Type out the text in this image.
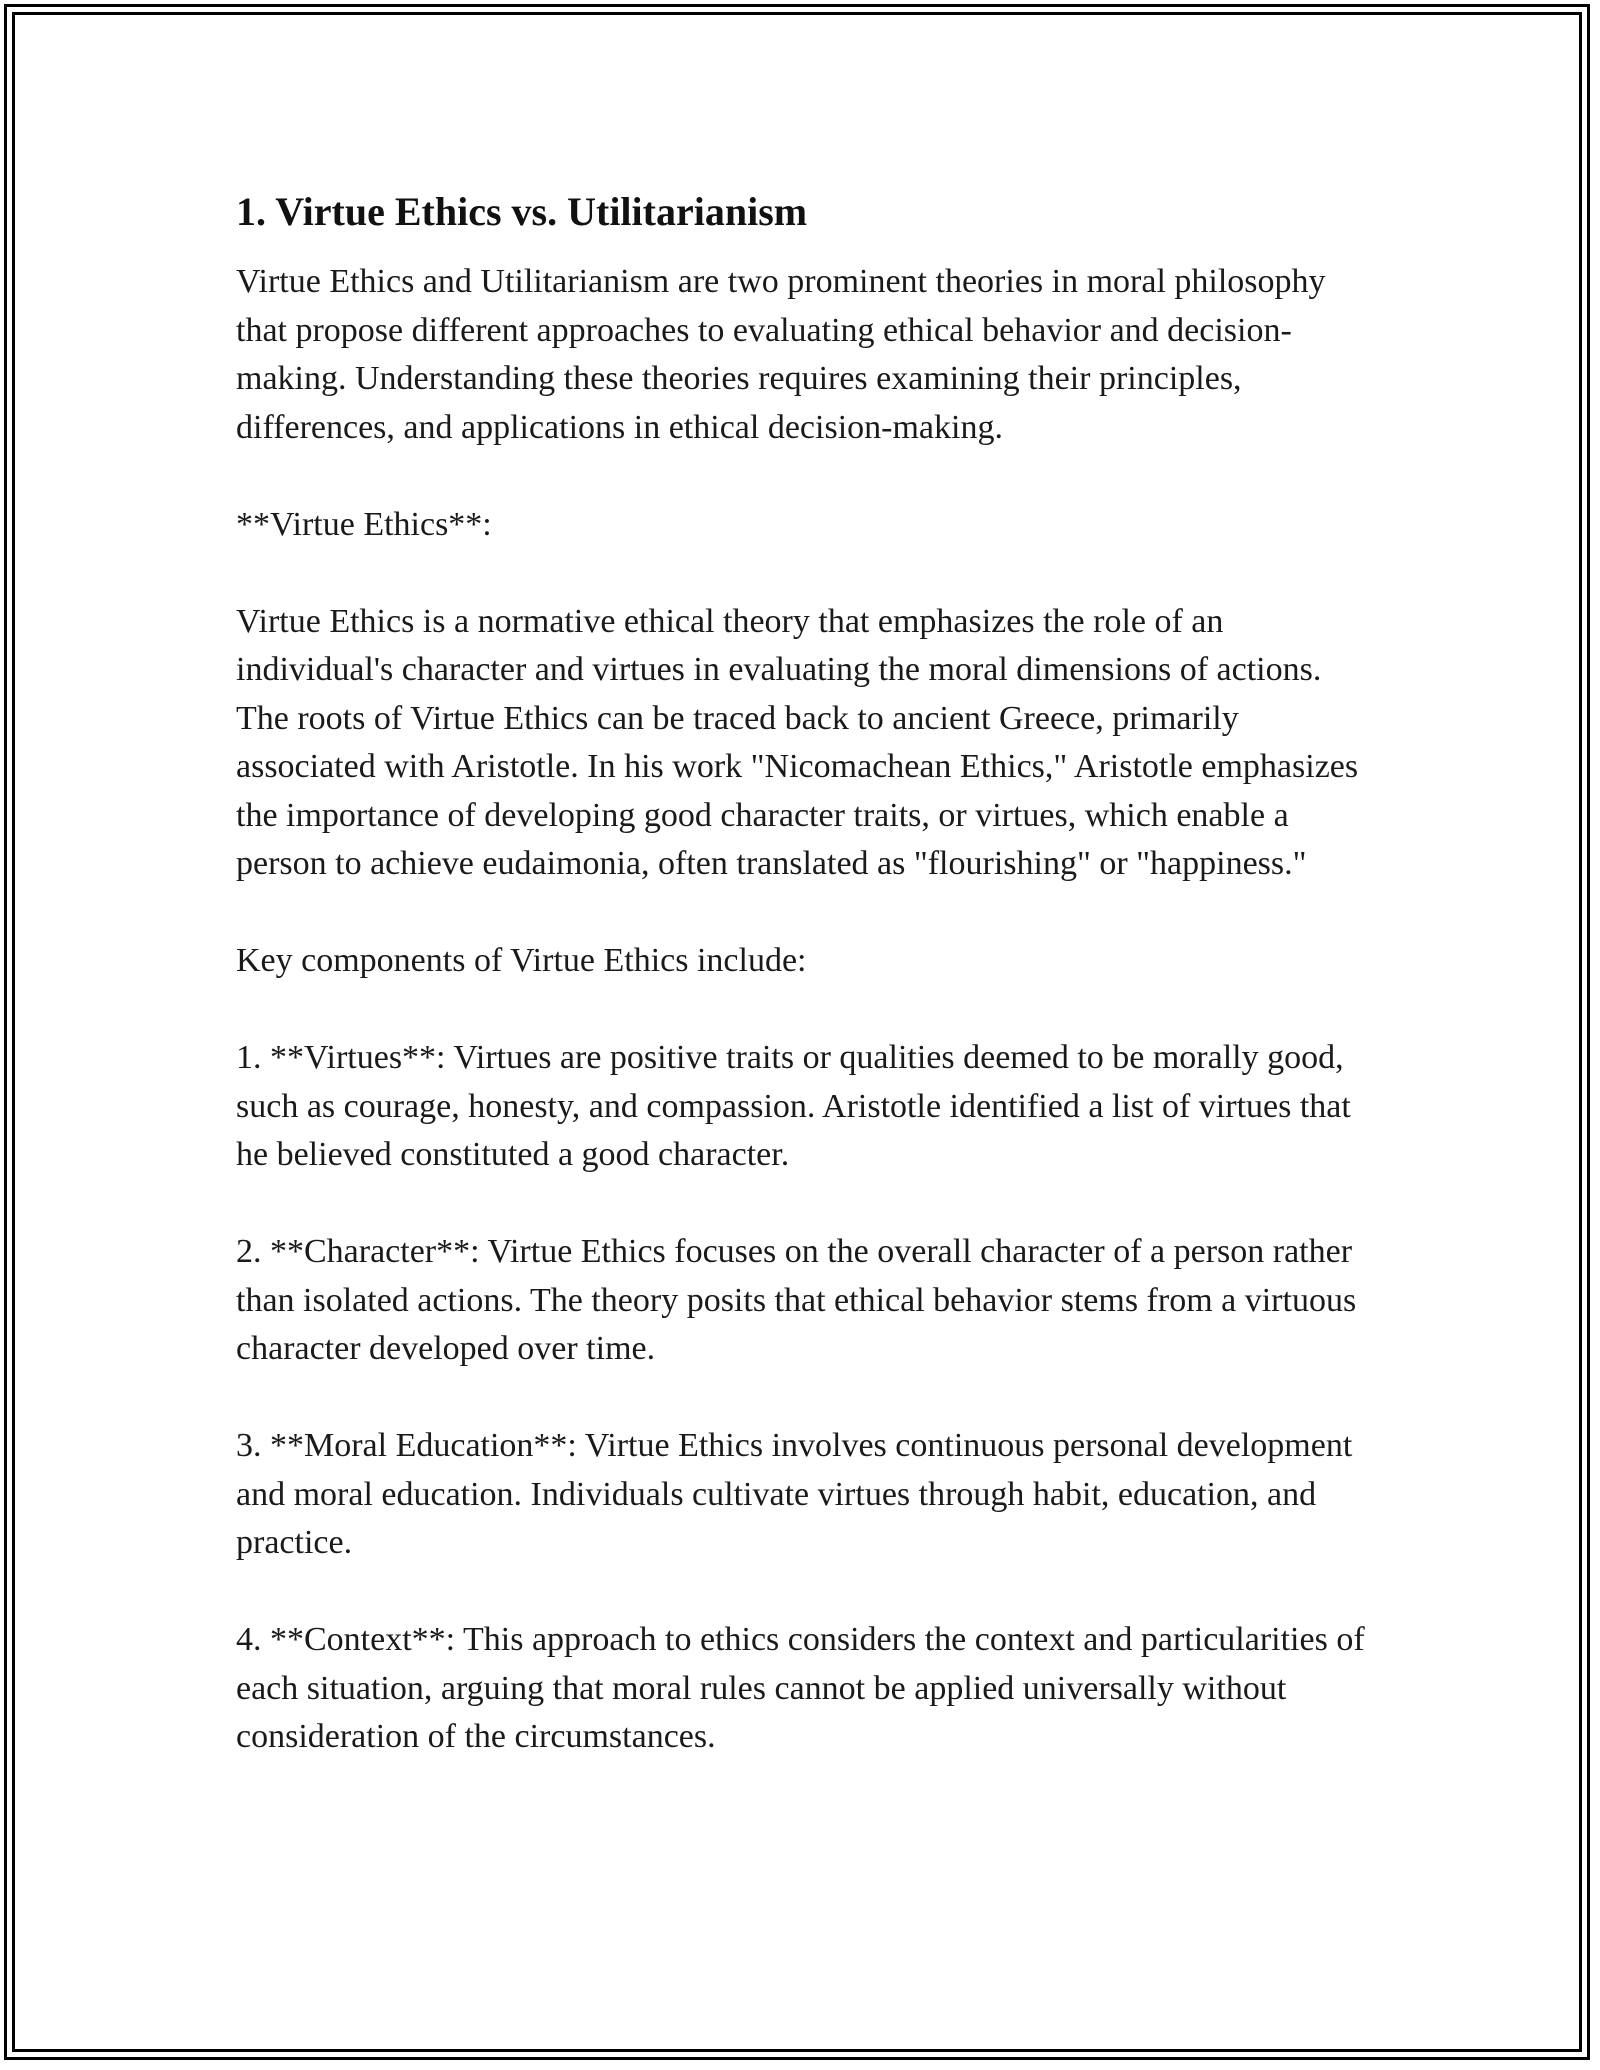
1. Virtue Ethics vs. Utilitarianism

Virtue Ethics and Utilitarianism are two prominent theories in moral philosophy that propose different approaches to evaluating ethical behavior and decision-making. Understanding these theories requires examining their principles, differences, and applications in ethical decision-making.

**Virtue Ethics**:

Virtue Ethics is a normative ethical theory that emphasizes the role of an individual's character and virtues in evaluating the moral dimensions of actions. The roots of Virtue Ethics can be traced back to ancient Greece, primarily associated with Aristotle. In his work "Nicomachean Ethics," Aristotle emphasizes the importance of developing good character traits, or virtues, which enable a person to achieve eudaimonia, often translated as "flourishing" or "happiness."

Key components of Virtue Ethics include:

1. **Virtues**: Virtues are positive traits or qualities deemed to be morally good, such as courage, honesty, and compassion. Aristotle identified a list of virtues that he believed constituted a good character.

2. **Character**: Virtue Ethics focuses on the overall character of a person rather than isolated actions. The theory posits that ethical behavior stems from a virtuous character developed over time.

3. **Moral Education**: Virtue Ethics involves continuous personal development and moral education. Individuals cultivate virtues through habit, education, and practice.

4. **Context**: This approach to ethics considers the context and particularities of each situation, arguing that moral rules cannot be applied universally without consideration of the circumstances.
